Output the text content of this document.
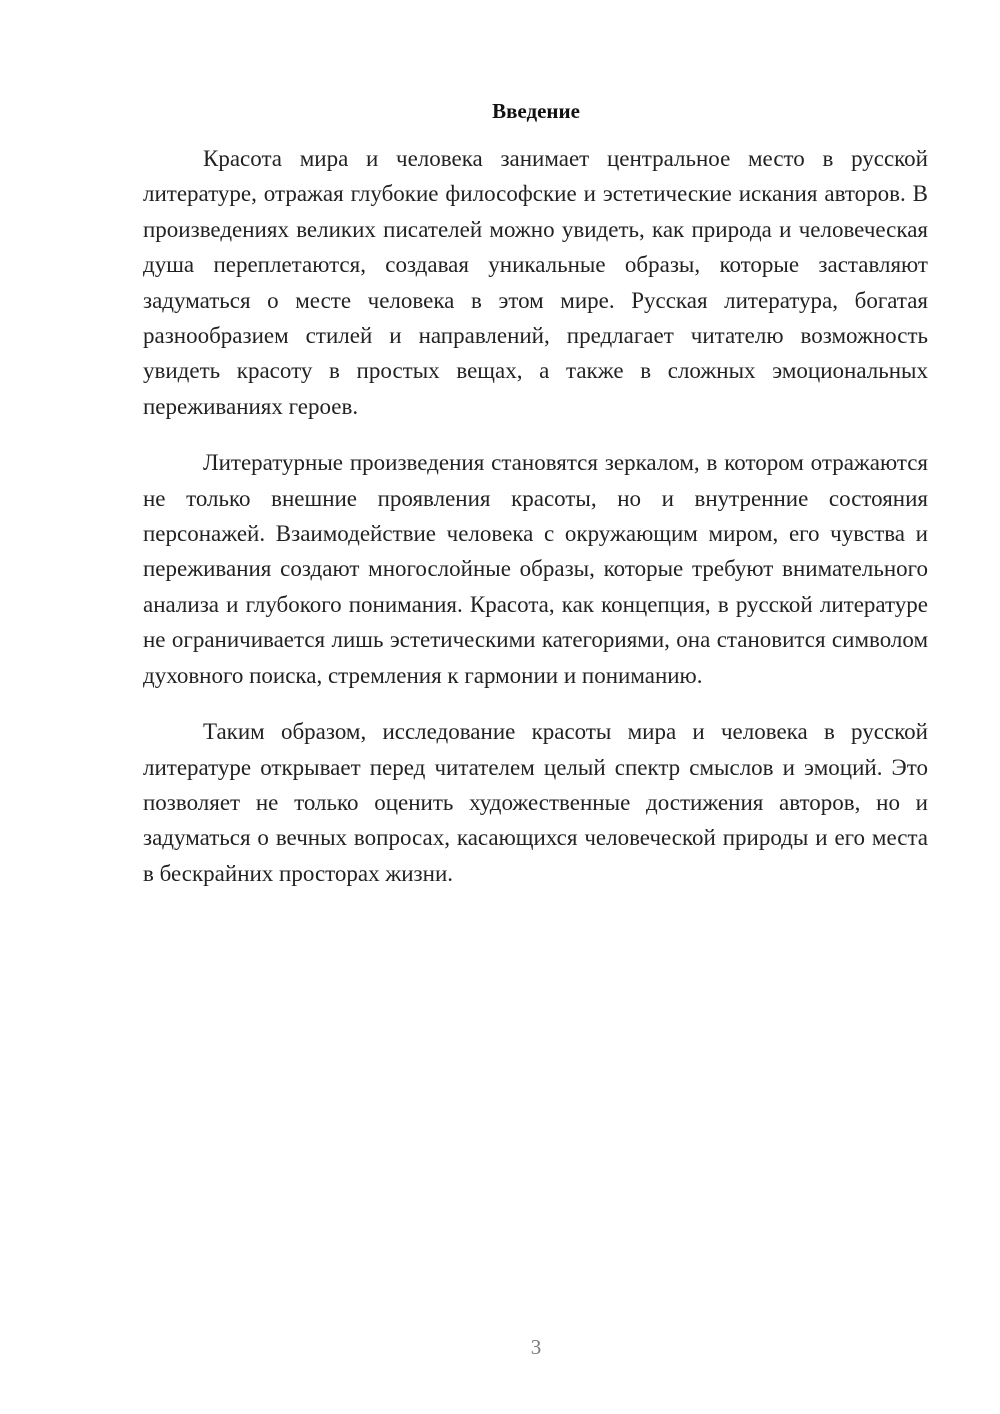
Введение

Красота мира и человека занимает центральное место в русской литературе, отражая глубокие философские и эстетические искания авторов. В произведениях великих писателей можно увидеть, как природа и человеческая душа переплетаются, создавая уникальные образы, которые заставляют задуматься о месте человека в этом мире. Русская литература, богатая разнообразием стилей и направлений, предлагает читателю возможность увидеть красоту в простых вещах, а также в сложных эмоциональных переживаниях героев.

Литературные произведения становятся зеркалом, в котором отражаются не только внешние проявления красоты, но и внутренние состояния персонажей. Взаимодействие человека с окружающим миром, его чувства и переживания создают многослойные образы, которые требуют внимательного анализа и глубокого понимания. Красота, как концепция, в русской литературе не ограничивается лишь эстетическими категориями, она становится символом духовного поиска, стремления к гармонии и пониманию.

Таким образом, исследование красоты мира и человека в русской литературе открывает перед читателем целый спектр смыслов и эмоций. Это позволяет не только оценить художественные достижения авторов, но и задуматься о вечных вопросах, касающихся человеческой природы и его места в бескрайних просторах жизни.

3
